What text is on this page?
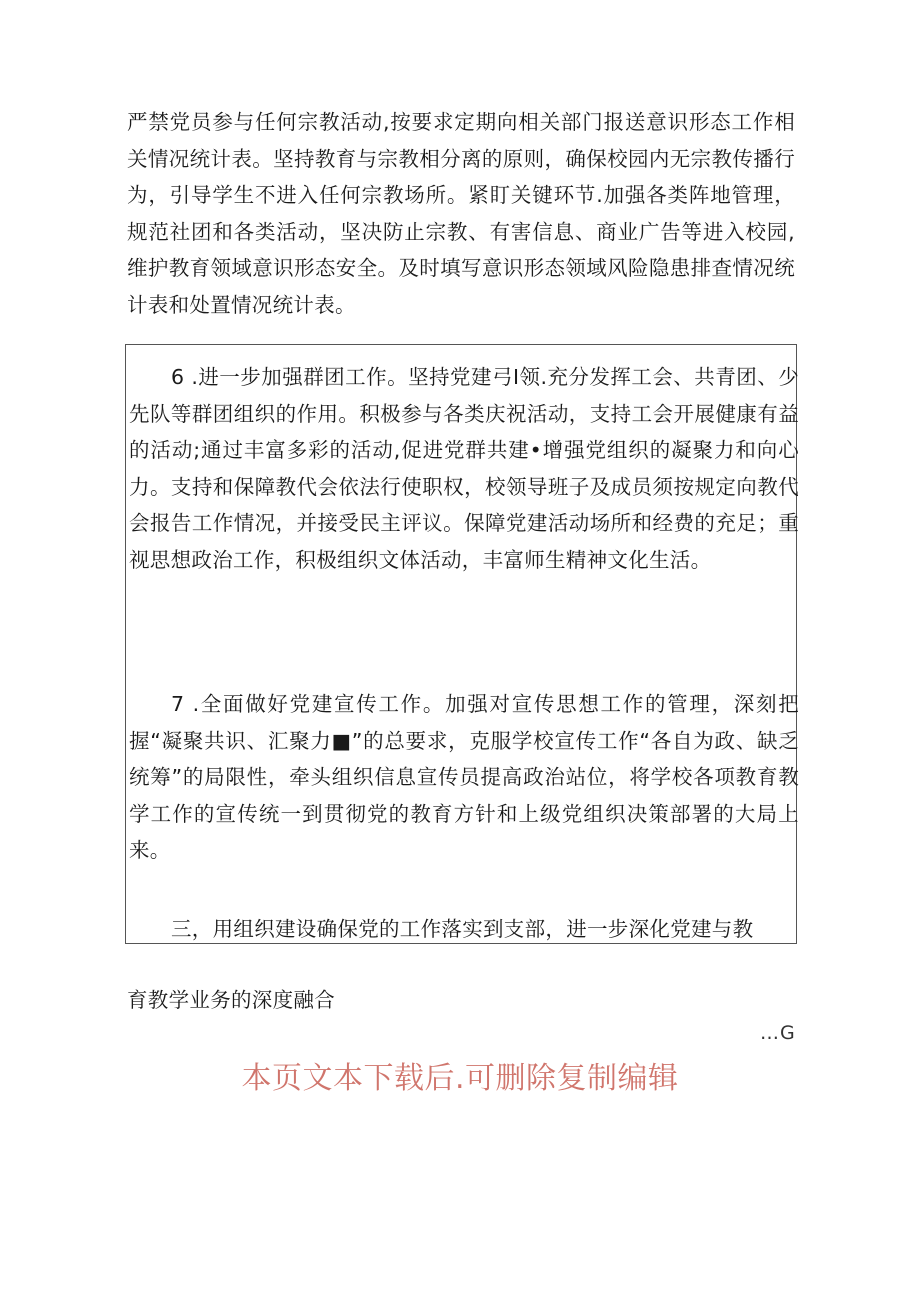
严禁党员参与任何宗教活动,按要求定期向相关部门报送意识形态工作相关情况统计表。坚持教育与宗教相分离的原则，确保校园内无宗教传播行为，引导学生不进入任何宗教场所。紧盯关键环节.加强各类阵地管理，规范社团和各类活动，坚决防止宗教、有害信息、商业广告等进入校园,维护教育领域意识形态安全。及时填写意识形态领域风险隐患排查情况统计表和处置情况统计表。

6 .进一步加强群团工作。坚持党建弓I领.充分发挥工会、共青团、少先队等群团组织的作用。积极参与各类庆祝活动，支持工会开展健康有益的活动;通过丰富多彩的活动,促进党群共建•增强党组织的凝聚力和向心力。支持和保障教代会依法行使职权，校领导班子及成员须按规定向教代会报告工作情况，并接受民主评议。保障党建活动场所和经费的充足；重视思想政治工作，积极组织文体活动，丰富师生精神文化生活。

7 .全面做好党建宣传工作。加强对宣传思想工作的管理，深刻把握“凝聚共识、汇聚力■”的总要求，克服学校宣传工作“各自为政、缺乏统筹”的局限性，牵头组织信息宣传员提高政治站位，将学校各项教育教学工作的宣传统一到贯彻党的教育方针和上级党组织决策部署的大局上来。

三，用组织建设确保党的工作落实到支部，进一步深化党建与教

育教学业务的深度融合

…G
本页文本下载后.可删除复制编辑
